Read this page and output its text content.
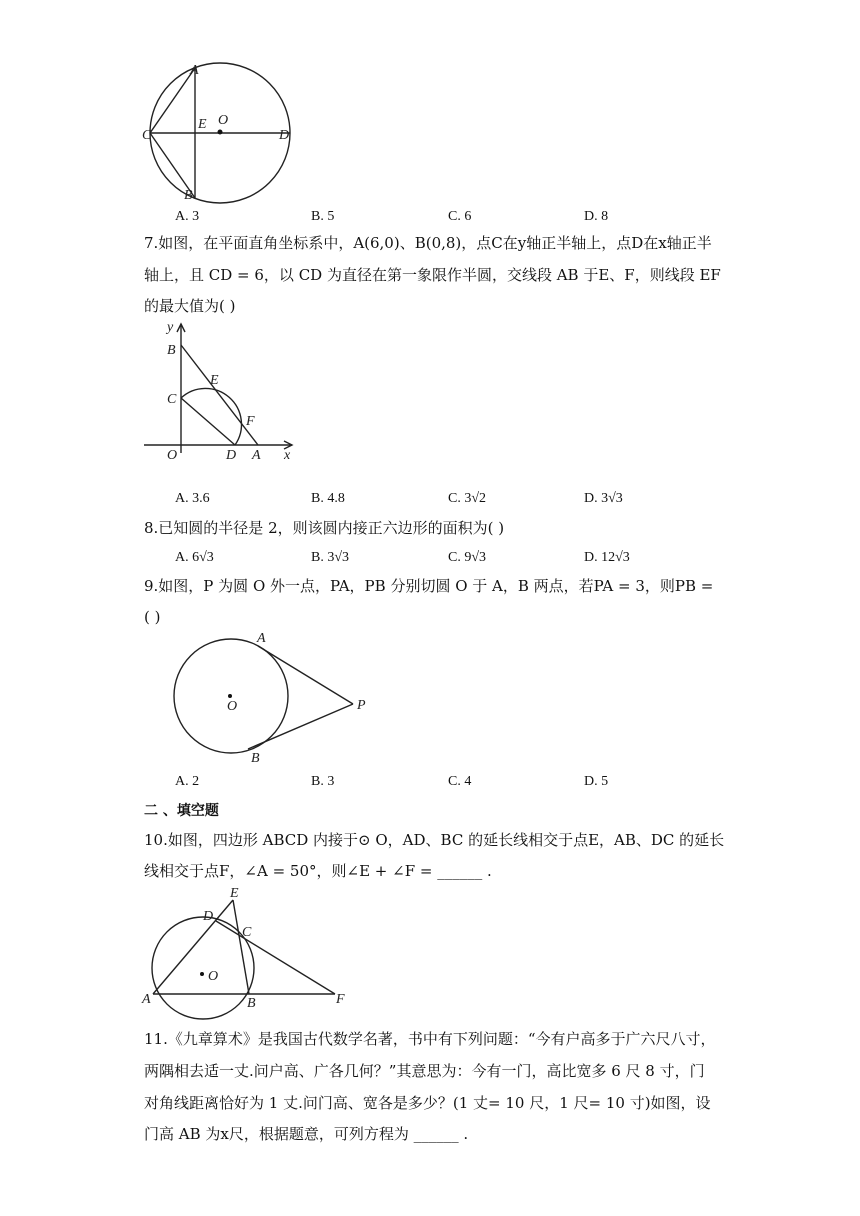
A
C
E O
D
B
A. 3	B. 5	C. 6	D. 8
7.如图，在平面直角坐标系中，A(6,0)、B(0,8)，点C在y轴正半轴上，点D在x轴正半
轴上，且 CD = 6，以 CD 为直径在第一象限作半圆，交线段 AB 于E、F，则线段 EF
的最大值为( )
y
B
E
C
F
O	D A x
A. 3.6	B. 4.8	C. 3√2	D. 3√3
8.已知圆的半径是 2，则该圆内接正六边形的面积为( )
A. 6√3	B. 3√3	C. 9√3	D. 12√3
9.如图，P 为圆 O 外一点，PA，PB 分别切圆 O 于 A，B 两点，若PA = 3，则PB =
( )
A
O	P
B
A. 2	B. 3	C. 4	D. 5
二 、填空题
10.如图，四边形 ABCD 内接于⊙ O，AD、BC 的延长线相交于点E，AB、DC 的延长
线相交于点F，∠A = 50°，则∠E + ∠F = ______ .
E
D
C
O
A	B	F
11.《九章算术》是我国古代数学名著，书中有下列问题：“今有户高多于广六尺八寸，
两隅相去适一丈.问户高、广各几何？”其意思为：今有一门，高比宽多 6 尺 8 寸，门
对角线距离恰好为 1 丈.问门高、宽各是多少？(1 丈= 10 尺，1 尺= 10 寸)如图，设
门高 AB 为x尺，根据题意，可列方程为 ______ .
